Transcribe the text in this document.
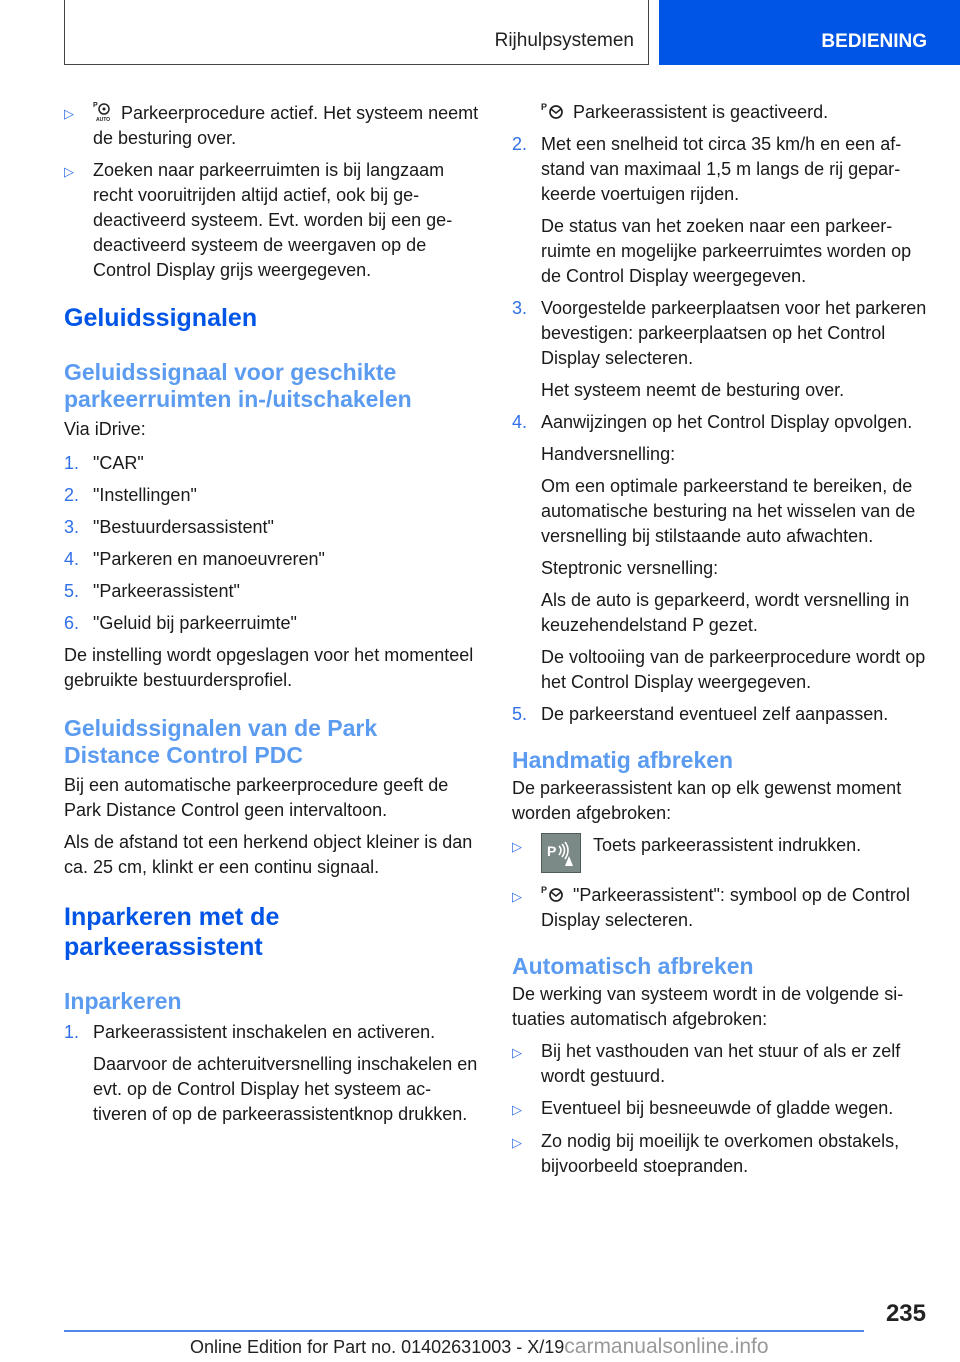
Rijhulpsystemen	BEDIENING
▷
P
AUTO Parkeerprocedure actief. Het systeem neemt de besturing over.
▷	Zoeken naar parkeerruimten is bij langzaam recht vooruitrijden altijd actief, ook bij gedeactiveerd systeem. Evt. worden bij een gedeactiveerd systeem de weergaven op de Control Display grijs weergegeven.
Geluidssignalen
Geluidssignaal voor geschikte parkeerruimten in-/uitschakelen

Via iDrive:

1. "CAR"
2. "Instellingen"
3. "Bestuurdersassistent"
4. "Parkeren en manoeuvreren"
5. "Parkeerassistent"
6. "Geluid bij parkeerruimte"

De instelling wordt opgeslagen voor het momenteel gebruikte bestuurdersprofiel.

Geluidssignalen van de Park Distance Control PDC

Bij een automatische parkeerprocedure geeft de Park Distance Control geen intervaltoon.

Als de afstand tot een herkend object kleiner is dan ca. 25 cm, klinkt er een continu signaal.

Inparkeren met de parkeerassistent
Inparkeren
1. Parkeerassistent inschakelen en activeren.
Daarvoor de achteruitversnelling inschakelen en evt. op de Control Display het systeem activeren of op de parkeerassistentknop drukken.
P Parkeerassistent is geactiveerd.
2. Met een snelheid tot circa 35 km/h en een afstand van maximaal 1,5 m langs de rij geparkeerde voertuigen rijden.
De status van het zoeken naar een parkeerruimte en mogelijke parkeerruimtes worden op de Control Display weergegeven.
3. Voorgestelde parkeerplaatsen voor het parkeren bevestigen: parkeerplaatsen op het Control Display selecteren.
Het systeem neemt de besturing over.
4. Aanwijzingen op het Control Display opvolgen.
Handversnelling:
Om een optimale parkeerstand te bereiken, de automatische besturing na het wisselen van de versnelling bij stilstaande auto afwachten.
Steptronic versnelling:
Als de auto is geparkeerd, wordt versnelling in keuzehendelstand P gezet.
De voltooiing van de parkeerprocedure wordt op het Control Display weergegeven.
5. De parkeerstand eventueel zelf aanpassen.
Handmatig afbreken

De parkeerassistent kan op elk gewenst moment worden afgebroken:

▷	P Toets parkeerassistent indrukken.
▷	P "Parkeerassistent": symbool op de Control Display selecteren.
Automatisch afbreken

De werking van systeem wordt in de volgende situaties automatisch afgebroken:

▷	Bij het vasthouden van het stuur of als er zelf wordt gestuurd.
▷	Eventueel bij besneeuwde of gladde wegen.
▷	Zo nodig bij moeilijk te overkomen obstakels, bijvoorbeeld stoepranden.
235
Online Edition for Part no. 01402631003 - X/19carmanualsonline.info
